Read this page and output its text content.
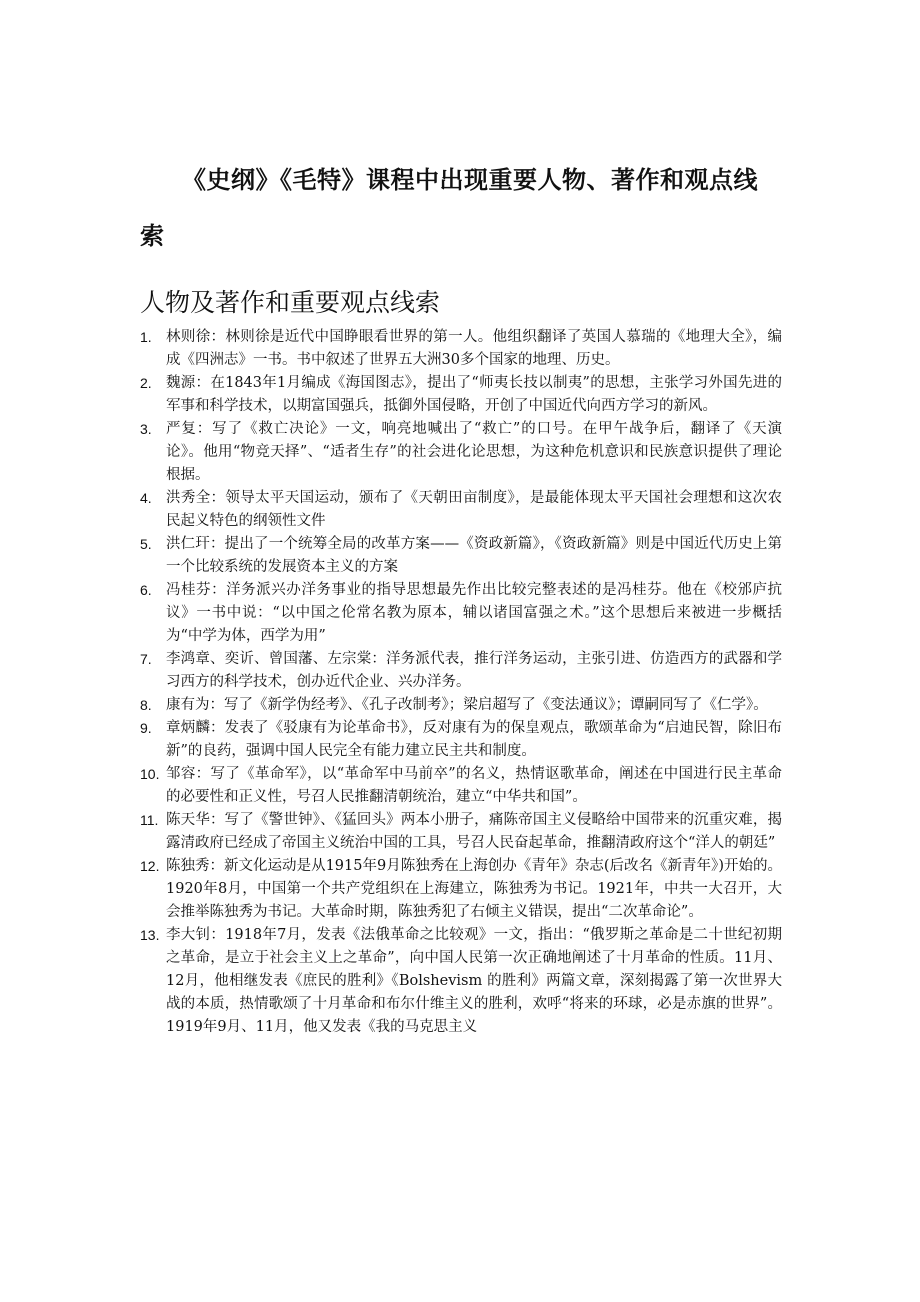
《史纲》《毛特》课程中出现重要人物、著作和观点线索
人物及著作和重要观点线索
1. 林则徐：林则徐是近代中国睁眼看世界的第一人。他组织翻译了英国人慕瑞的《地理大全》，编成《四洲志》一书。书中叙述了世界五大洲30多个国家的地理、历史。
2. 魏源：在1843年1月编成《海国图志》，提出了“师夷长技以制夷”的思想，主张学习外国先进的军事和科学技术，以期富国强兵，抵御外国侵略，开创了中国近代向西方学习的新风。
3. 严复：写了《救亡决论》一文，响亮地喊出了“救亡”的口号。在甲午战争后，翻译了《天演论》。他用“物竞天择”、“适者生存”的社会进化论思想，为这种危机意识和民族意识提供了理论根据。
4. 洪秀全：领导太平天国运动，颁布了《天朝田亩制度》，是最能体现太平天国社会理想和这次农民起义特色的纲领性文件
5. 洪仁玕：提出了一个统筹全局的改革方案——《资政新篇》，《资政新篇》则是中国近代历史上第一个比较系统的发展资本主义的方案
6. 冯桂芬：洋务派兴办洋务事业的指导思想最先作出比较完整表述的是冯桂芬。他在《校邠庐抗议》一书中说：“以中国之伦常名教为原本，辅以诸国富强之术。”这个思想后来被进一步概括为“中学为体，西学为用”
7. 李鸿章、奕䜣、曾国藩、左宗棠：洋务派代表，推行洋务运动，主张引进、仿造西方的武器和学习西方的科学技术，创办近代企业、兴办洋务。
8. 康有为：写了《新学伪经考》、《孔子改制考》；梁启超写了《变法通议》；谭嗣同写了《仁学》。
9. 章炳麟：发表了《驳康有为论革命书》，反对康有为的保皇观点，歌颂革命为“启迪民智，除旧布新”的良药，强调中国人民完全有能力建立民主共和制度。
10. 邹容：写了《革命军》，以“革命军中马前卒”的名义，热情讴歌革命，阐述在中国进行民主革命的必要性和正义性，号召人民推翻清朝统治，建立“中华共和国”。
11. 陈天华：写了《警世钟》、《猛回头》两本小册子，痛陈帝国主义侵略给中国带来的沉重灾难，揭露清政府已经成了帝国主义统治中国的工具，号召人民奋起革命，推翻清政府这个“洋人的朝廷”
12. 陈独秀：新文化运动是从1915年9月陈独秀在上海创办《青年》杂志(后改名《新青年》)开始的。1920年8月，中国第一个共产党组织在上海建立，陈独秀为书记。1921年，中共一大召开，大会推举陈独秀为书记。大革命时期，陈独秀犯了右倾主义错误，提出“二次革命论”。
13. 李大钊：1918年7月，发表《法俄革命之比较观》一文，指出：“俄罗斯之革命是二十世纪初期之革命，是立于社会主义上之革命”，向中国人民第一次正确地阐述了十月革命的性质。11月、12月，他相继发表《庶民的胜利》《Bolshevism 的胜利》两篇文章，深刻揭露了第一次世界大战的本质，热情歌颂了十月革命和布尔什维主义的胜利，欢呼“将来的环球，必是赤旗的世界”。1919年9月、11月，他又发表《我的马克思主义
